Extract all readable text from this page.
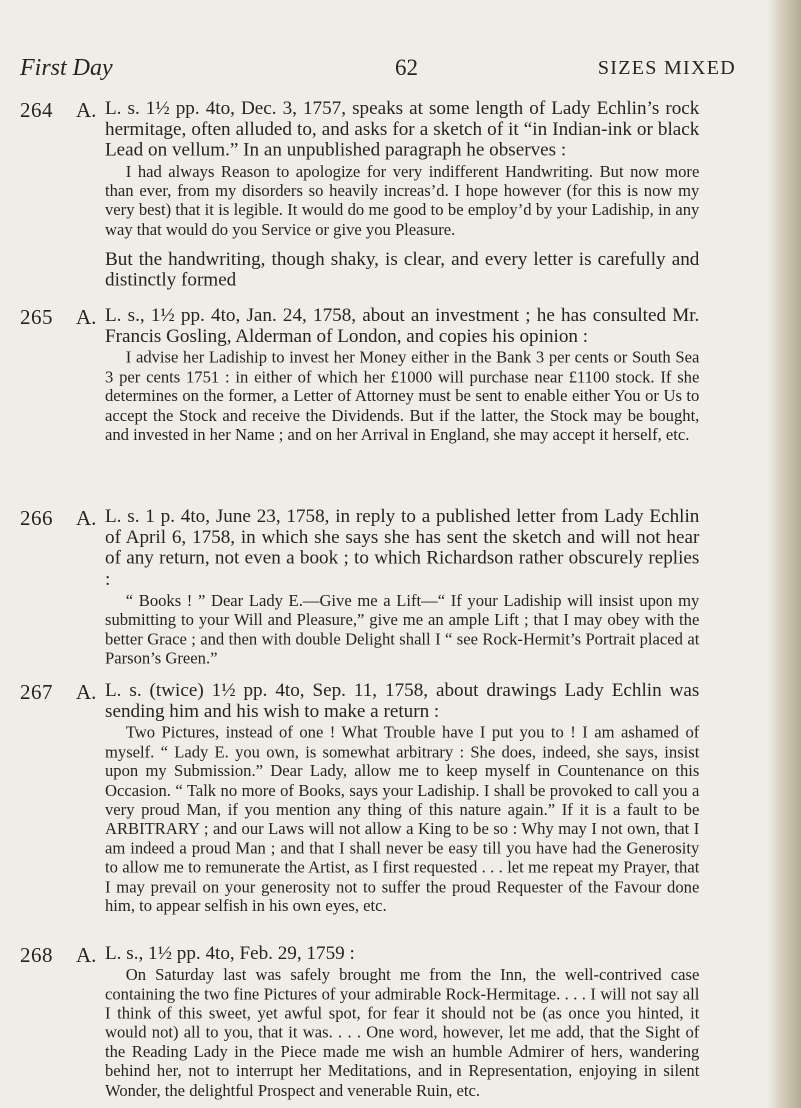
First Day	62	SIZES MIXED
264 A. L. s. 1½ pp. 4to, Dec. 3, 1757, speaks at some length of Lady Echlin’s rock hermitage, often alluded to, and asks for a sketch of it “in Indian-ink or black Lead on vellum.” In an unpublished paragraph he observes :

I had always Reason to apologize for very indifferent Handwriting. But now more than ever, from my disorders so heavily increas’d. I hope however (for this is now my very best) that it is legible. It would do me good to be employ’d by your Ladiship, in any way that would do you Service or give you Pleasure.

But the handwriting, though shaky, is clear, and every letter is carefully and distinctly formed

265 A. L. s., 1½ pp. 4to, Jan. 24, 1758, about an investment ; he has consulted Mr. Francis Gosling, Alderman of London, and copies his opinion :

I advise her Ladiship to invest her Money either in the Bank 3 per cents or South Sea 3 per cents 1751 : in either of which her £1000 will purchase near £1100 stock. If she determines on the former, a Letter of Attorney must be sent to enable either You or Us to accept the Stock and receive the Dividends. But if the latter, the Stock may be bought, and invested in her Name ; and on her Arrival in England, she may accept it herself, etc.

266 A. L. s. 1 p. 4to, June 23, 1758, in reply to a published letter from Lady Echlin of April 6, 1758, in which she says she has sent the sketch and will not hear of any return, not even a book ; to which Richardson rather obscurely replies :

“ Books ! ” Dear Lady E.—Give me a Lift—“ If your Ladiship will insist upon my submitting to your Will and Pleasure,” give me an ample Lift ; that I may obey with the better Grace ; and then with double Delight shall I “ see Rock-Hermit’s Portrait placed at Parson’s Green.”

267 A. L. s. (twice) 1½ pp. 4to, Sep. 11, 1758, about drawings Lady Echlin was sending him and his wish to make a return :

Two Pictures, instead of one ! What Trouble have I put you to ! I am ashamed of myself. “ Lady E. you own, is somewhat arbitrary : She does, indeed, she says, insist upon my Submission.” Dear Lady, allow me to keep myself in Countenance on this Occasion. “ Talk no more of Books, says your Ladiship. I shall be provoked to call you a very proud Man, if you mention any thing of this nature again.” If it is a fault to be ARBITRARY ; and our Laws will not allow a King to be so : Why may I not own, that I am indeed a proud Man ; and that I shall never be easy till you have had the Generosity to allow me to remunerate the Artist, as I first requested . . . let me repeat my Prayer, that I may prevail on your generosity not to suffer the proud Requester of the Favour done him, to appear selfish in his own eyes, etc.

268 A. L. s., 1½ pp. 4to, Feb. 29, 1759 :

On Saturday last was safely brought me from the Inn, the well-contrived case containing the two fine Pictures of your admirable Rock-Hermitage. . . . I will not say all I think of this sweet, yet awful spot, for fear it should not be (as once you hinted, it would not) all to you, that it was. . . . One word, however, let me add, that the Sight of the Reading Lady in the Piece made me wish an humble Admirer of hers, wandering behind her, not to interrupt her Meditations, and in Representation, enjoying in silent Wonder, the delightful Prospect and venerable Ruin, etc.
